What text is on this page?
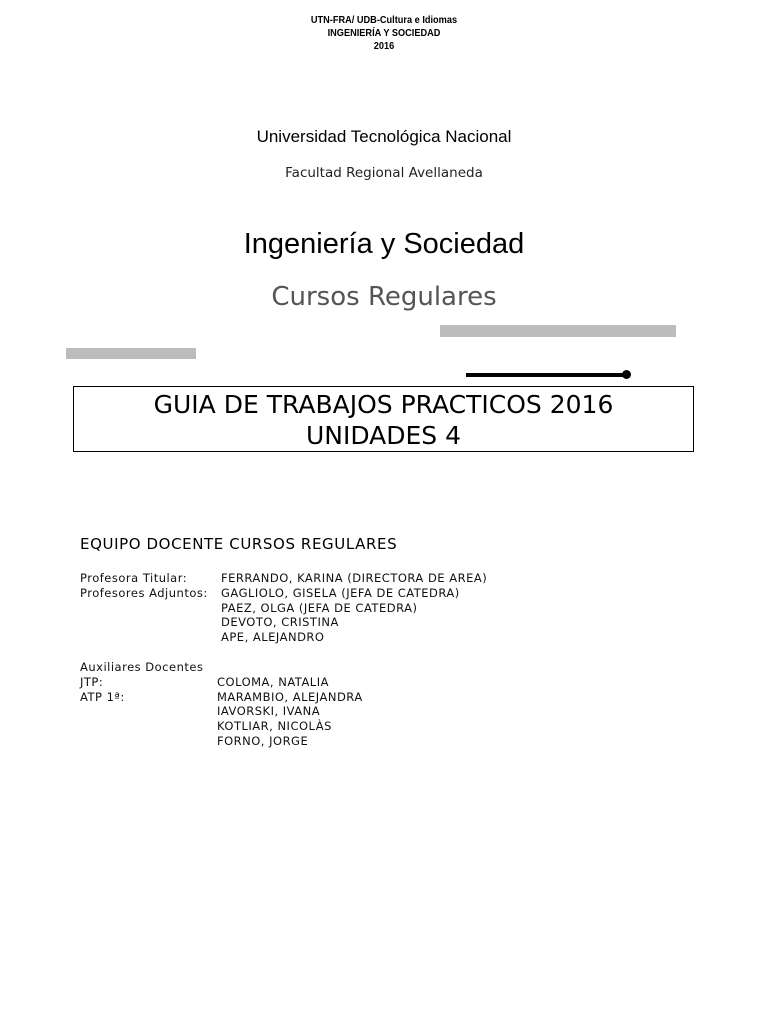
UTN-FRA/ UDB-Cultura e Idiomas
INGENIERÍA Y SOCIEDAD
2016
Universidad Tecnológica Nacional
Facultad Regional Avellaneda
Ingeniería y Sociedad
Cursos Regulares
GUIA DE TRABAJOS PRACTICOS 2016
UNIDADES 4
EQUIPO DOCENTE CURSOS REGULARES
Profesora Titular:	FERRANDO, KARINA (DIRECTORA DE AREA)
Profesores Adjuntos: GAGLIOLO, GISELA (JEFA DE CATEDRA)
PAEZ, OLGA (JEFA DE CATEDRA)
DEVOTO, CRISTINA
APE, ALEJANDRO
Auxiliares Docentes
JTP:	COLOMA, NATALIA
ATP 1ª:	MARAMBIO, ALEJANDRA
IAVORSKI, IVANA
KOTLIAR, NICOLÀS
FORNO, JORGE
